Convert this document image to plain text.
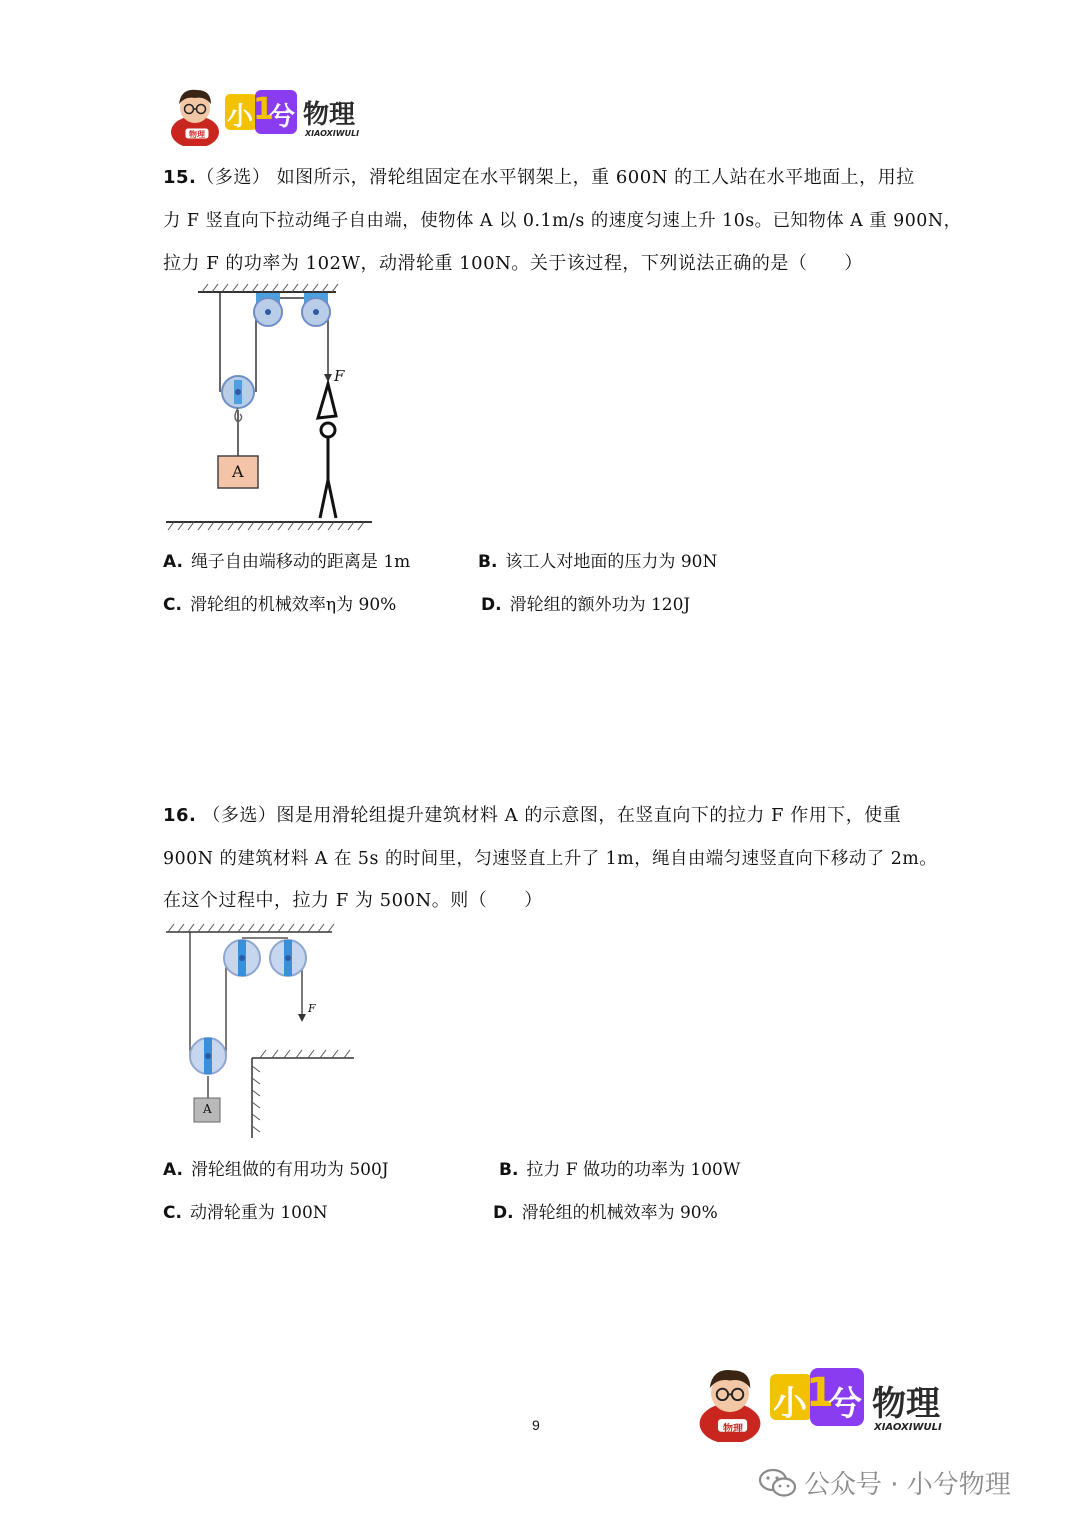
物理
小 1
兮 物理
XIAOXIWULI
15.（多选） 如图所示，滑轮组固定在水平钢架上，重 600N 的工人站在水平地面上，用拉
力 F 竖直向下拉动绳子自由端，使物体 A 以 0.1m/s 的速度匀速上升 10s。已知物体 A 重 900N，
拉力 F 的功率为 102W，动滑轮重 100N。关于该过程，下列说法正确的是（　　）
F
A
A. 绳子自由端移动的距离是 1m	B. 该工人对地面的压力为 90N
C. 滑轮组的机械效率η为 90%	D. 滑轮组的额外功为 120J
16. （多选）图是用滑轮组提升建筑材料 A 的示意图，在竖直向下的拉力 F 作用下，使重
900N 的建筑材料 A 在 5s 的时间里，匀速竖直上升了 1m，绳自由端匀速竖直向下移动了 2m。
在这个过程中，拉力 F 为 500N。则（　　）
F
A
A. 滑轮组做的有用功为 500J	B. 拉力 F 做功的功率为 100W
C. 动滑轮重为 100N	D. 滑轮组的机械效率为 90%
物理
小 1
兮 物理
XIAOXIWULI
9
公众号 · 小兮物理
